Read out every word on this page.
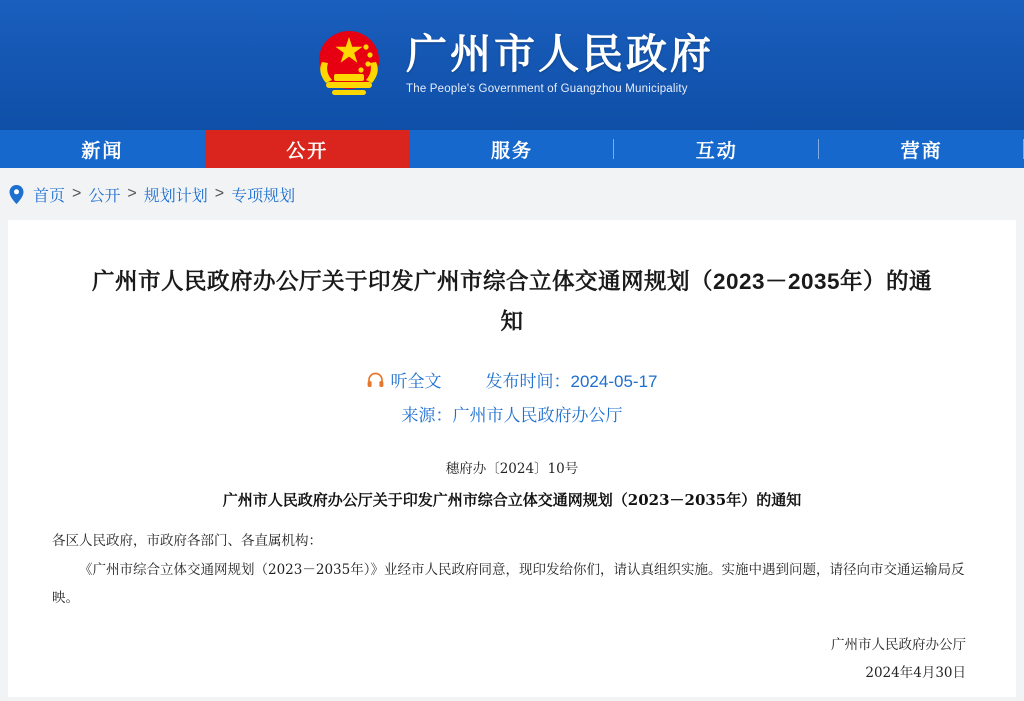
广州市人民政府
The People's Government of Guangzhou Municipality
新闻	公开	服务	互动	营商
首页 > 公开 > 规划计划 > 专项规划
广州市人民政府办公厅关于印发广州市综合立体交通网规划（2023－2035年）的通知
听全文	发布时间：2024-05-17
来源：广州市人民政府办公厅
穗府办〔2024〕10号
广州市人民政府办公厅关于印发广州市综合立体交通网规划（2023－2035年）的通知

各区人民政府，市政府各部门、各直属机构：

《广州市综合立体交通网规划（2023－2035年）》业经市人民政府同意，现印发给你们，请认真组织实施。实施中遇到问题，请径向市交通运输局反映。

广州市人民政府办公厅
2024年4月30日
